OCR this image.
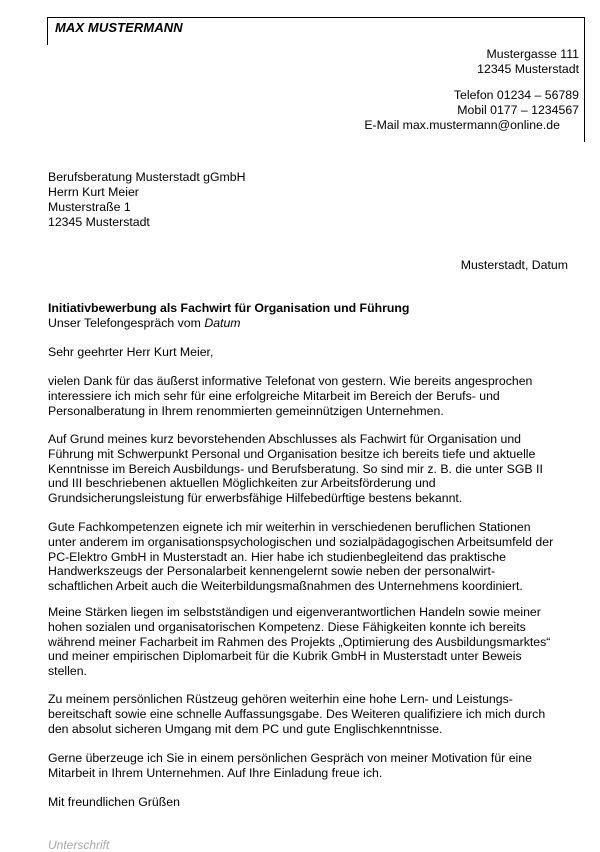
MAX MUSTERMANN
Mustergasse 111
12345 Musterstadt
Telefon 01234 – 56789
Mobil 0177 – 1234567
E-Mail max.mustermann@online.de
Berufsberatung Musterstadt gGmbH
Herrn Kurt Meier
Musterstraße 1
12345 Musterstadt
Musterstadt, Datum
Initiativbewerbung als Fachwirt für Organisation und Führung
Unser Telefongespräch vom Datum
Sehr geehrter Herr Kurt Meier,
vielen Dank für das äußerst informative Telefonat von gestern. Wie bereits angesprochen
interessiere ich mich sehr für eine erfolgreiche Mitarbeit im Bereich der Berufs- und
Personalberatung in Ihrem renommierten gemeinnützigen Unternehmen.
Auf Grund meines kurz bevorstehenden Abschlusses als Fachwirt für Organisation und
Führung mit Schwerpunkt Personal und Organisation besitze ich bereits tiefe und aktuelle
Kenntnisse im Bereich Ausbildungs- und Berufsberatung. So sind mir z. B. die unter SGB II
und III beschriebenen aktuellen Möglichkeiten zur Arbeitsförderung und
Grundsicherungsleistung für erwerbsfähige Hilfebedürftige bestens bekannt.
Gute Fachkompetenzen eignete ich mir weiterhin in verschiedenen beruflichen Stationen
unter anderem im organisationspsychologischen und sozialpädagogischen Arbeitsumfeld der
PC-Elektro GmbH in Musterstadt an. Hier habe ich studienbegleitend das praktische
Handwerkszeugs der Personalarbeit kennengelernt sowie neben der personalwirt-
schaftlichen Arbeit auch die Weiterbildungsmaßnahmen des Unternehmens koordiniert.
Meine Stärken liegen im selbstständigen und eigenverantwortlichen Handeln sowie meiner
hohen sozialen und organisatorischen Kompetenz. Diese Fähigkeiten konnte ich bereits
während meiner Facharbeit im Rahmen des Projekts „Optimierung des Ausbildungsmarktes“
und meiner empirischen Diplomarbeit für die Kubrik GmbH in Musterstadt unter Beweis
stellen.
Zu meinem persönlichen Rüstzeug gehören weiterhin eine hohe Lern- und Leistungs-
bereitschaft sowie eine schnelle Auffassungsgabe. Des Weiteren qualifiziere ich mich durch
den absolut sicheren Umgang mit dem PC und gute Englischkenntnisse.
Gerne überzeuge ich Sie in einem persönlichen Gespräch von meiner Motivation für eine
Mitarbeit in Ihrem Unternehmen. Auf Ihre Einladung freue ich.
Mit freundlichen Grüßen
Unterschrift
